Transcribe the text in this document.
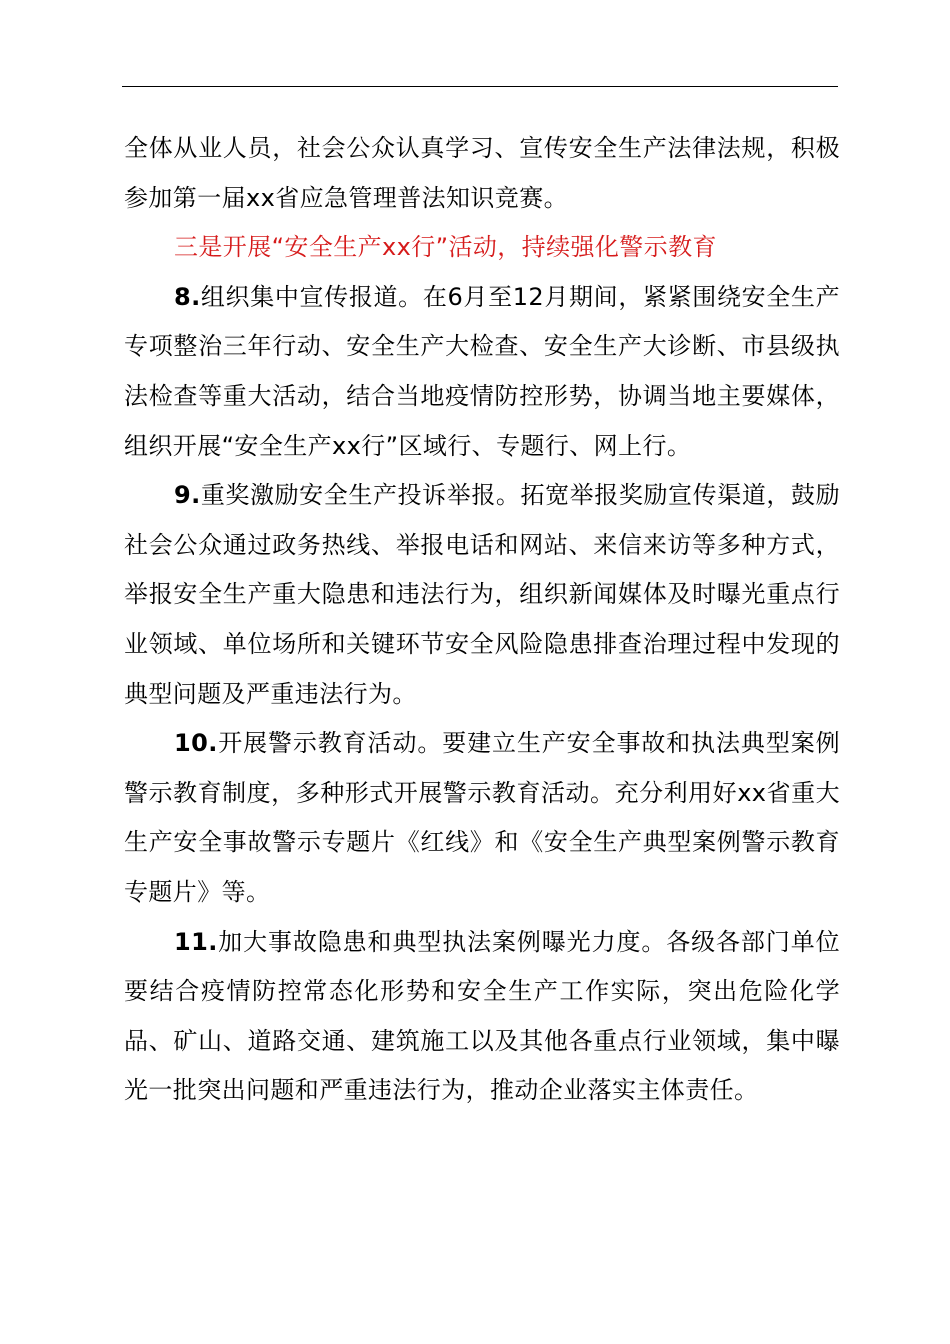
全体从业人员，社会公众认真学习、宣传安全生产法律法规，积极参加第一届xx省应急管理普法知识竞赛。

三是开展“安全生产xx行”活动，持续强化警示教育

8.组织集中宣传报道。在6月至12月期间，紧紧围绕安全生产专项整治三年行动、安全生产大检查、安全生产大诊断、市县级执法检查等重大活动，结合当地疫情防控形势，协调当地主要媒体，组织开展“安全生产xx行”区域行、专题行、网上行。

9.重奖激励安全生产投诉举报。拓宽举报奖励宣传渠道，鼓励社会公众通过政务热线、举报电话和网站、来信来访等多种方式，举报安全生产重大隐患和违法行为，组织新闻媒体及时曝光重点行业领域、单位场所和关键环节安全风险隐患排查治理过程中发现的典型问题及严重违法行为。

10.开展警示教育活动。要建立生产安全事故和执法典型案例警示教育制度，多种形式开展警示教育活动。充分利用好xx省重大生产安全事故警示专题片《红线》和《安全生产典型案例警示教育专题片》等。

11.加大事故隐患和典型执法案例曝光力度。各级各部门单位要结合疫情防控常态化形势和安全生产工作实际，突出危险化学品、矿山、道路交通、建筑施工以及其他各重点行业领域，集中曝光一批突出问题和严重违法行为，推动企业落实主体责任。
